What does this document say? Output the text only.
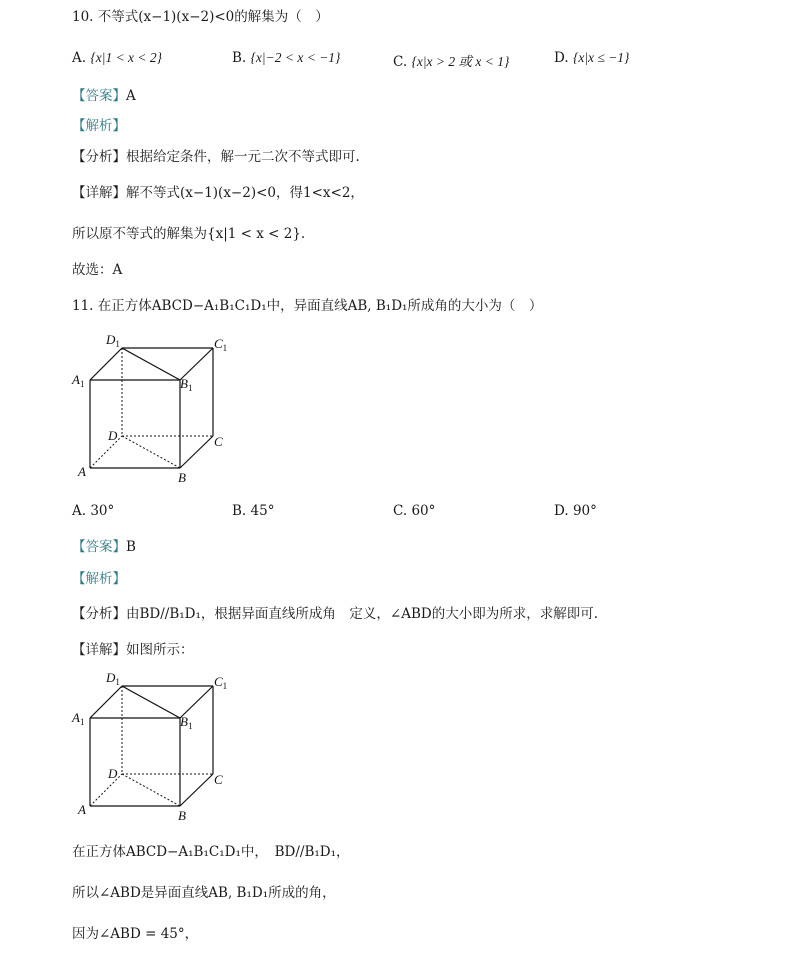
10. 不等式(x−1)(x−2)<0的解集为（　）
A. {x|1 < x < 2}	B. {x|−2 < x < −1}	C. {x|x > 2 或 x < 1}	D. {x|x ≤ −1}
【答案】A
【解析】
【分析】根据给定条件，解一元二次不等式即可.
【详解】解不等式(x−1)(x−2)<0，得1<x<2，
所以原不等式的解集为{x|1 < x < 2}.
故选：A
11. 在正方体ABCD−A₁B₁C₁D₁中，异面直线AB, B₁D₁所成角的大小为（　）
$D_1$	$C_1$
$A_1$	$B_1$
D	C
A	B
A. 30°	B. 45°	C. 60°	D. 90°
【答案】B
【解析】
【分析】由BD//B₁D₁，根据异面直线所成角　定义，∠ABD的大小即为所求，求解即可.
【详解】如图所示：
$D_1$	$C_1$
$A_1$	$B_1$
D	C
A	B
在正方体ABCD−A₁B₁C₁D₁中，　BD//B₁D₁，
所以∠ABD是异面直线AB, B₁D₁所成的角，
因为∠ABD = 45°，
